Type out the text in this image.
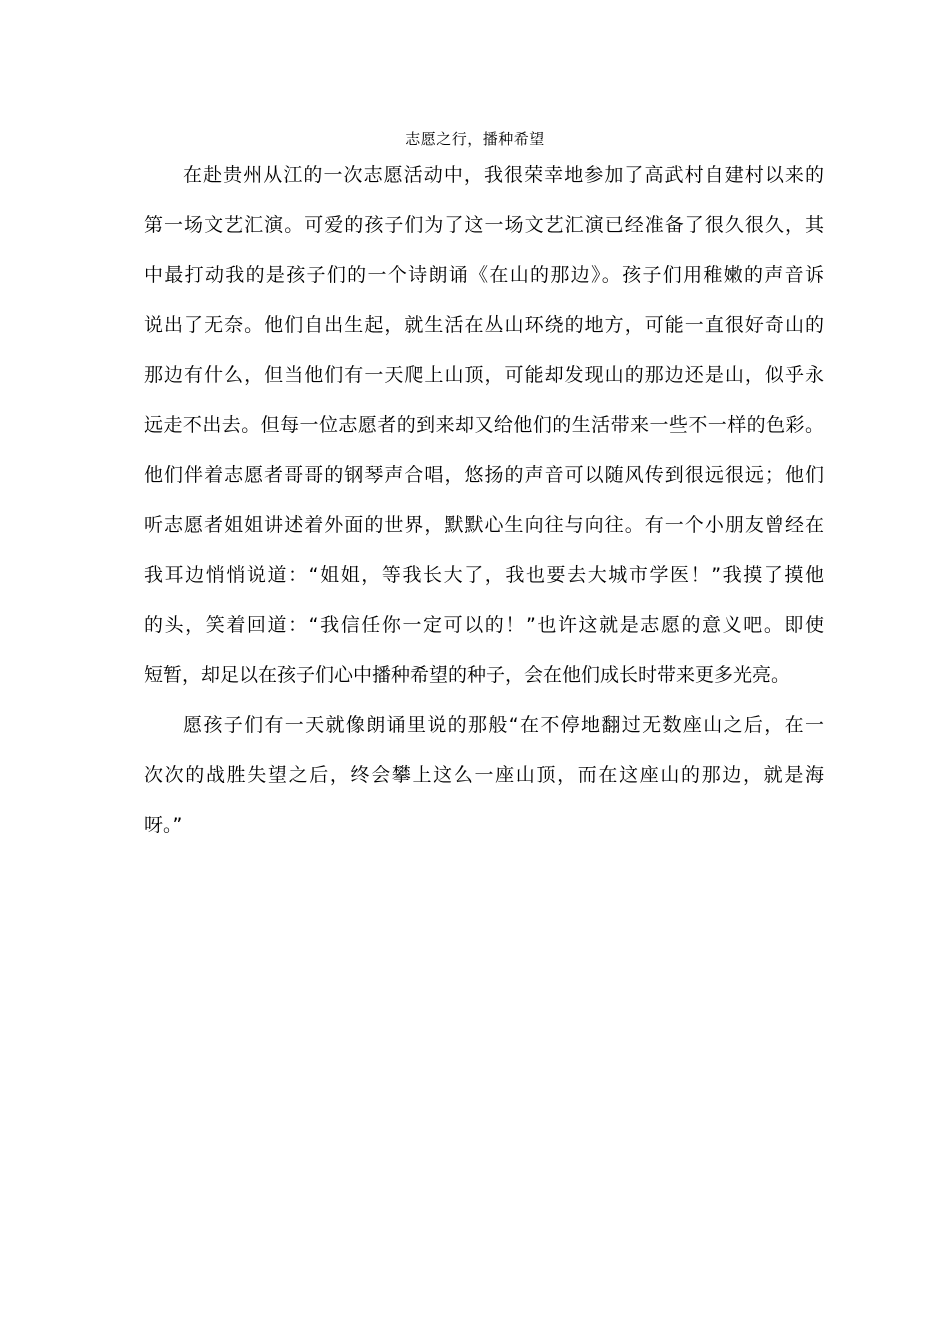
志愿之行，播种希望
在赴贵州从江的一次志愿活动中，我很荣幸地参加了高武村自建村以来的
第一场文艺汇演。可爱的孩子们为了这一场文艺汇演已经准备了很久很久，其
中最打动我的是孩子们的一个诗朗诵《在山的那边》。孩子们用稚嫩的声音诉
说出了无奈。他们自出生起，就生活在丛山环绕的地方，可能一直很好奇山的
那边有什么，但当他们有一天爬上山顶，可能却发现山的那边还是山，似乎永
远走不出去。但每一位志愿者的到来却又给他们的生活带来一些不一样的色彩。
他们伴着志愿者哥哥的钢琴声合唱，悠扬的声音可以随风传到很远很远；他们
听志愿者姐姐讲述着外面的世界，默默心生向往与向往。有一个小朋友曾经在
我耳边悄悄说道：“姐姐，等我长大了，我也要去大城市学医！”我摸了摸他
的头，笑着回道：“我信任你一定可以的！”也许这就是志愿的意义吧。即使
短暂，却足以在孩子们心中播种希望的种子，会在他们成长时带来更多光亮。
愿孩子们有一天就像朗诵里说的那般“在不停地翻过无数座山之后，在一
次次的战胜失望之后，终会攀上这么一座山顶，而在这座山的那边，就是海
呀。”
